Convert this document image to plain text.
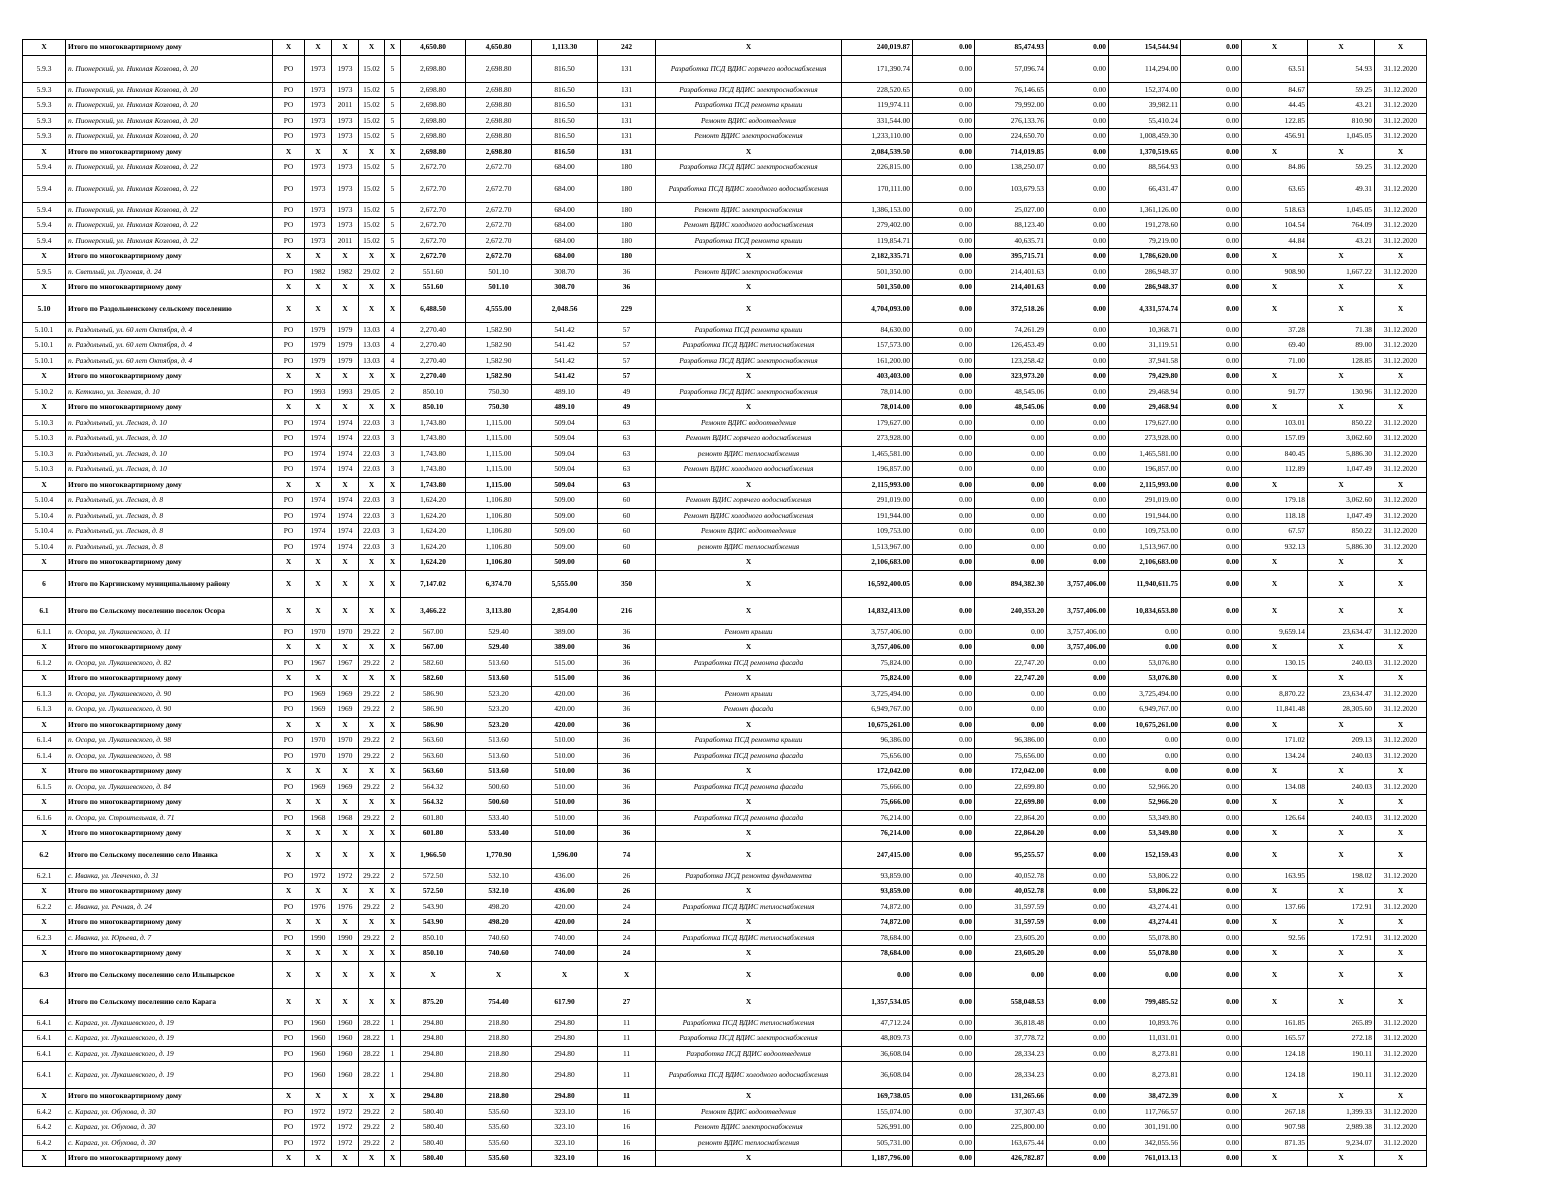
X	Итого по многоквартирному дому	X	X	X	X	X	4,650.80	4,650.80	1,113.30	242	X	240,019.87	0.00	85,474.93	0.00	154,544.94	0.00	X	X	X
5.9.3	п. Пионерский, ул. Николая Козлова, д. 20	РО	1973	1973	15.02	5	2,698.80	2,698.80	816.50	131	Разработка ПСД ВДИС горячего водоснабжения	171,390.74	0.00	57,096.74	0.00	114,294.00	0.00	63.51	54.93	31.12.2020
5.9.3	п. Пионерский, ул. Николая Козлова, д. 20	РО	1973	1973	15.02	5	2,698.80	2,698.80	816.50	131	Разработка ПСД ВДИС электроснабжения	228,520.65	0.00	76,146.65	0.00	152,374.00	0.00	84.67	59.25	31.12.2020
5.9.3	п. Пионерский, ул. Николая Козлова, д. 20	РО	1973	2011	15.02	5	2,698.80	2,698.80	816.50	131	Разработка ПСД ремонта крыши	119,974.11	0.00	79,992.00	0.00	39,982.11	0.00	44.45	43.21	31.12.2020
5.9.3	п. Пионерский, ул. Николая Козлова, д. 20	РО	1973	1973	15.02	5	2,698.80	2,698.80	816.50	131	Ремонт ВДИС водоотведения	331,544.00	0.00	276,133.76	0.00	55,410.24	0.00	122.85	810.90	31.12.2020
5.9.3	п. Пионерский, ул. Николая Козлова, д. 20	РО	1973	1973	15.02	5	2,698.80	2,698.80	816.50	131	Ремонт ВДИС электроснабжения	1,233,110.00	0.00	224,650.70	0.00	1,008,459.30	0.00	456.91	1,045.05	31.12.2020
X	Итого по многоквартирному дому	X	X	X	X	X	2,698.80	2,698.80	816.50	131	X	2,084,539.50	0.00	714,019.85	0.00	1,370,519.65	0.00	X	X	X
5.9.4	п. Пионерский, ул. Николая Козлова, д. 22	РО	1973	1973	15.02	5	2,672.70	2,672.70	684.00	180	Разработка ПСД ВДИС электроснабжения	226,815.00	0.00	138,250.07	0.00	88,564.93	0.00	84.86	59.25	31.12.2020
5.9.4	п. Пионерский, ул. Николая Козлова, д. 22	РО	1973	1973	15.02	5	2,672.70	2,672.70	684.00	180	Разработка ПСД ВДИС холодного водоснабжения	170,111.00	0.00	103,679.53	0.00	66,431.47	0.00	63.65	49.31	31.12.2020
5.9.4	п. Пионерский, ул. Николая Козлова, д. 22	РО	1973	1973	15.02	5	2,672.70	2,672.70	684.00	180	Ремонт ВДИС электроснабжения	1,386,153.00	0.00	25,027.00	0.00	1,361,126.00	0.00	518.63	1,045.05	31.12.2020
5.9.4	п. Пионерский, ул. Николая Козлова, д. 22	РО	1973	1973	15.02	5	2,672.70	2,672.70	684.00	180	Ремонт ВДИС холодного водоснабжения	279,402.00	0.00	88,123.40	0.00	191,278.60	0.00	104.54	764.09	31.12.2020
5.9.4	п. Пионерский, ул. Николая Козлова, д. 22	РО	1973	2011	15.02	5	2,672.70	2,672.70	684.00	180	Разработка ПСД ремонта крыши	119,854.71	0.00	40,635.71	0.00	79,219.00	0.00	44.84	43.21	31.12.2020
X	Итого по многоквартирному дому	X	X	X	X	X	2,672.70	2,672.70	684.00	180	X	2,182,335.71	0.00	395,715.71	0.00	1,786,620.00	0.00	X	X	X
5.9.5	п. Светлый, ул. Луговая, д. 24	РО	1982	1982	29.02	2	551.60	501.10	308.70	36	Ремонт ВДИС электроснабжения	501,350.00	0.00	214,401.63	0.00	286,948.37	0.00	908.90	1,667.22	31.12.2020
X	Итого по многоквартирному дому	X	X	X	X	X	551.60	501.10	308.70	36	X	501,350.00	0.00	214,401.63	0.00	286,948.37	0.00	X	X	X
5.10	Итого по Раздольненскому сельскому поселению	X	X	X	X	X	6,488.50	4,555.00	2,048.56	229	X	4,704,093.00	0.00	372,518.26	0.00	4,331,574.74	0.00	X	X	X
5.10.1	п. Раздольный, ул. 60 лет Октября, д. 4	РО	1979	1979	13.03	4	2,270.40	1,582.90	541.42	57	Разработка ПСД ремонта крыши	84,630.00	0.00	74,261.29	0.00	10,368.71	0.00	37.28	71.38	31.12.2020
5.10.1	п. Раздольный, ул. 60 лет Октября, д. 4	РО	1979	1979	13.03	4	2,270.40	1,582.90	541.42	57	Разработка ПСД ВДИС теплоснабжения	157,573.00	0.00	126,453.49	0.00	31,119.51	0.00	69.40	89.00	31.12.2020
5.10.1	п. Раздольный, ул. 60 лет Октября, д. 4	РО	1979	1979	13.03	4	2,270.40	1,582.90	541.42	57	Разработка ПСД ВДИС электроснабжения	161,200.00	0.00	123,258.42	0.00	37,941.58	0.00	71.00	128.85	31.12.2020
X	Итого по многоквартирному дому	X	X	X	X	X	2,270.40	1,582.90	541.42	57	X	403,403.00	0.00	323,973.20	0.00	79,429.80	0.00	X	X	X
5.10.2	п. Кеткино, ул. Зеленая, д. 10	РО	1993	1993	29.05	2	850.10	750.30	489.10	49	Разработка ПСД ВДИС электроснабжения	78,014.00	0.00	48,545.06	0.00	29,468.94	0.00	91.77	130.96	31.12.2020
X	Итого по многоквартирному дому	X	X	X	X	X	850.10	750.30	489.10	49	X	78,014.00	0.00	48,545.06	0.00	29,468.94	0.00	X	X	X
5.10.3	п. Раздольный, ул. Лесная, д. 10	РО	1974	1974	22.03	3	1,743.80	1,115.00	509.04	63	Ремонт ВДИС водоотведения	179,627.00	0.00	0.00	0.00	179,627.00	0.00	103.01	850.22	31.12.2020
5.10.3	п. Раздольный, ул. Лесная, д. 10	РО	1974	1974	22.03	3	1,743.80	1,115.00	509.04	63	Ремонт ВДИС горячего водоснабжения	273,928.00	0.00	0.00	0.00	273,928.00	0.00	157.09	3,062.60	31.12.2020
5.10.3	п. Раздольный, ул. Лесная, д. 10	РО	1974	1974	22.03	3	1,743.80	1,115.00	509.04	63	ремонт ВДИС теплоснабжения	1,465,581.00	0.00	0.00	0.00	1,465,581.00	0.00	840.45	5,886.30	31.12.2020
5.10.3	п. Раздольный, ул. Лесная, д. 10	РО	1974	1974	22.03	3	1,743.80	1,115.00	509.04	63	Ремонт ВДИС холодного водоснабжения	196,857.00	0.00	0.00	0.00	196,857.00	0.00	112.89	1,047.49	31.12.2020
X	Итого по многоквартирному дому	X	X	X	X	X	1,743.80	1,115.00	509.04	63	X	2,115,993.00	0.00	0.00	0.00	2,115,993.00	0.00	X	X	X
5.10.4	п. Раздольный, ул. Лесная, д. 8	РО	1974	1974	22.03	3	1,624.20	1,106.80	509.00	60	Ремонт ВДИС горячего водоснабжения	291,019.00	0.00	0.00	0.00	291,019.00	0.00	179.18	3,062.60	31.12.2020
5.10.4	п. Раздольный, ул. Лесная, д. 8	РО	1974	1974	22.03	3	1,624.20	1,106.80	509.00	60	Ремонт ВДИС холодного водоснабжения	191,944.00	0.00	0.00	0.00	191,944.00	0.00	118.18	1,047.49	31.12.2020
5.10.4	п. Раздольный, ул. Лесная, д. 8	РО	1974	1974	22.03	3	1,624.20	1,106.80	509.00	60	Ремонт ВДИС водоотведения	109,753.00	0.00	0.00	0.00	109,753.00	0.00	67.57	850.22	31.12.2020
5.10.4	п. Раздольный, ул. Лесная, д. 8	РО	1974	1974	22.03	3	1,624.20	1,106.80	509.00	60	ремонт ВДИС теплоснабжения	1,513,967.00	0.00	0.00	0.00	1,513,967.00	0.00	932.13	5,886.30	31.12.2020
X	Итого по многоквартирному дому	X	X	X	X	X	1,624.20	1,106.80	509.00	60	X	2,106,683.00	0.00	0.00	0.00	2,106,683.00	0.00	X	X	X
6	Итого по Каргинскому муниципальному району	X	X	X	X	X	7,147.02	6,374.70	5,555.00	350	X	16,592,400.05	0.00	894,382.30	3,757,406.00	11,940,611.75	0.00	X	X	X
6.1	Итого по Сельскому поселению поселок Осора	X	X	X	X	X	3,466.22	3,113.80	2,854.00	216	X	14,832,413.00	0.00	240,353.20	3,757,406.00	10,834,653.80	0.00	X	X	X
6.1.1	п. Осора, ул. Лукашевского, д. 11	РО	1970	1970	29.22	2	567.00	529.40	389.00	36	Ремонт крыши	3,757,406.00	0.00	0.00	3,757,406.00	0.00	0.00	9,659.14	23,634.47	31.12.2020
X	Итого по многоквартирному дому	X	X	X	X	X	567.00	529.40	389.00	36	X	3,757,406.00	0.00	0.00	3,757,406.00	0.00	0.00	X	X	X
6.1.2	п. Осора, ул. Лукашевского, д. 82	РО	1967	1967	29.22	2	582.60	513.60	515.00	36	Разработка ПСД ремонта фасада	75,824.00	0.00	22,747.20	0.00	53,076.80	0.00	130.15	240.03	31.12.2020
X	Итого по многоквартирному дому	X	X	X	X	X	582.60	513.60	515.00	36	X	75,824.00	0.00	22,747.20	0.00	53,076.80	0.00	X	X	X
6.1.3	п. Осора, ул. Лукашевского, д. 90	РО	1969	1969	29.22	2	586.90	523.20	420.00	36	Ремонт крыши	3,725,494.00	0.00	0.00	0.00	3,725,494.00	0.00	8,870.22	23,634.47	31.12.2020
6.1.3	п. Осора, ул. Лукашевского, д. 90	РО	1969	1969	29.22	2	586.90	523.20	420.00	36	Ремонт фасада	6,949,767.00	0.00	0.00	0.00	6,949,767.00	0.00	11,841.48	28,305.60	31.12.2020
X	Итого по многоквартирному дому	X	X	X	X	X	586.90	523.20	420.00	36	X	10,675,261.00	0.00	0.00	0.00	10,675,261.00	0.00	X	X	X
6.1.4	п. Осора, ул. Лукашевского, д. 98	РО	1970	1970	29.22	2	563.60	513.60	510.00	36	Разработка ПСД ремонта крыши	96,386.00	0.00	96,386.00	0.00	0.00	0.00	171.02	209.13	31.12.2020
6.1.4	п. Осора, ул. Лукашевского, д. 98	РО	1970	1970	29.22	2	563.60	513.60	510.00	36	Разработка ПСД ремонта фасада	75,656.00	0.00	75,656.00	0.00	0.00	0.00	134.24	240.03	31.12.2020
X	Итого по многоквартирному дому	X	X	X	X	X	563.60	513.60	510.00	36	X	172,042.00	0.00	172,042.00	0.00	0.00	0.00	X	X	X
6.1.5	п. Осора, ул. Лукашевского, д. 84	РО	1969	1969	29.22	2	564.32	500.60	510.00	36	Разработка ПСД ремонта фасада	75,666.00	0.00	22,699.80	0.00	52,966.20	0.00	134.08	240.03	31.12.2020
X	Итого по многоквартирному дому	X	X	X	X	X	564.32	500.60	510.00	36	X	75,666.00	0.00	22,699.80	0.00	52,966.20	0.00	X	X	X
6.1.6	п. Осора, ул. Строительная, д. 71	РО	1968	1968	29.22	2	601.80	533.40	510.00	36	Разработка ПСД ремонта фасада	76,214.00	0.00	22,864.20	0.00	53,349.80	0.00	126.64	240.03	31.12.2020
X	Итого по многоквартирному дому	X	X	X	X	X	601.80	533.40	510.00	36	X	76,214.00	0.00	22,864.20	0.00	53,349.80	0.00	X	X	X
6.2	Итого по Сельскому поселению село Иванка	X	X	X	X	X	1,966.50	1,770.90	1,596.00	74	X	247,415.00	0.00	95,255.57	0.00	152,159.43	0.00	X	X	X
6.2.1	с. Иванка, ул. Левченко, д. 31	РО	1972	1972	29.22	2	572.50	532.10	436.00	26	Разработка ПСД ремонта фундамента	93,859.00	0.00	40,052.78	0.00	53,806.22	0.00	163.95	198.02	31.12.2020
X	Итого по многоквартирному дому	X	X	X	X	X	572.50	532.10	436.00	26	X	93,859.00	0.00	40,052.78	0.00	53,806.22	0.00	X	X	X
6.2.2	с. Иванка, ул. Речная, д. 24	РО	1976	1976	29.22	2	543.90	498.20	420.00	24	Разработка ПСД ВДИС теплоснабжения	74,872.00	0.00	31,597.59	0.00	43,274.41	0.00	137.66	172.91	31.12.2020
X	Итого по многоквартирному дому	X	X	X	X	X	543.90	498.20	420.00	24	X	74,872.00	0.00	31,597.59	0.00	43,274.41	0.00	X	X	X
6.2.3	с. Иванка, ул. Юрьева, д. 7	РО	1990	1990	29.22	2	850.10	740.60	740.00	24	Разработка ПСД ВДИС теплоснабжения	78,684.00	0.00	23,605.20	0.00	55,078.80	0.00	92.56	172.91	31.12.2020
X	Итого по многоквартирному дому	X	X	X	X	X	850.10	740.60	740.00	24	X	78,684.00	0.00	23,605.20	0.00	55,078.80	0.00	X	X	X
6.3	Итого по Сельскому поселению село Ильпырское	X	X	X	X	X	X	X	X	X	X	0.00	0.00	0.00	0.00	0.00	0.00	X	X	X
6.4	Итого по Сельскому поселению село Карага	X	X	X	X	X	875.20	754.40	617.90	27	X	1,357,534.05	0.00	558,048.53	0.00	799,485.52	0.00	X	X	X
6.4.1	с. Карага, ул. Лукашевского, д. 19	РО	1960	1960	28.22	1	294.80	218.80	294.80	11	Разработка ПСД ВДИС теплоснабжения	47,712.24	0.00	36,818.48	0.00	10,893.76	0.00	161.85	265.89	31.12.2020
6.4.1	с. Карага, ул. Лукашевского, д. 19	РО	1960	1960	28.22	1	294.80	218.80	294.80	11	Разработка ПСД ВДИС электроснабжения	48,809.73	0.00	37,778.72	0.00	11,031.01	0.00	165.57	272.18	31.12.2020
6.4.1	с. Карага, ул. Лукашевского, д. 19	РО	1960	1960	28.22	1	294.80	218.80	294.80	11	Разработка ПСД ВДИС водоотведения	36,608.04	0.00	28,334.23	0.00	8,273.81	0.00	124.18	190.11	31.12.2020
6.4.1	с. Карага, ул. Лукашевского, д. 19	РО	1960	1960	28.22	1	294.80	218.80	294.80	11	Разработка ПСД ВДИС холодного водоснабжения	36,608.04	0.00	28,334.23	0.00	8,273.81	0.00	124.18	190.11	31.12.2020
X	Итого по многоквартирному дому	X	X	X	X	X	294.80	218.80	294.80	11	X	169,738.05	0.00	131,265.66	0.00	38,472.39	0.00	X	X	X
6.4.2	с. Карага, ул. Обухова, д. 30	РО	1972	1972	29.22	2	580.40	535.60	323.10	16	Ремонт ВДИС водоотведения	155,074.00	0.00	37,307.43	0.00	117,766.57	0.00	267.18	1,399.33	31.12.2020
6.4.2	с. Карага, ул. Обухова, д. 30	РО	1972	1972	29.22	2	580.40	535.60	323.10	16	Ремонт ВДИС электроснабжения	526,991.00	0.00	225,800.00	0.00	301,191.00	0.00	907.98	2,989.38	31.12.2020
6.4.2	с. Карага, ул. Обухова, д. 30	РО	1972	1972	29.22	2	580.40	535.60	323.10	16	ремонт ВДИС теплоснабжения	505,731.00	0.00	163,675.44	0.00	342,055.56	0.00	871.35	9,234.07	31.12.2020
X	Итого по многоквартирному дому	X	X	X	X	X	580.40	535.60	323.10	16	X	1,187,796.00	0.00	426,782.87	0.00	761,013.13	0.00	X	X	X
